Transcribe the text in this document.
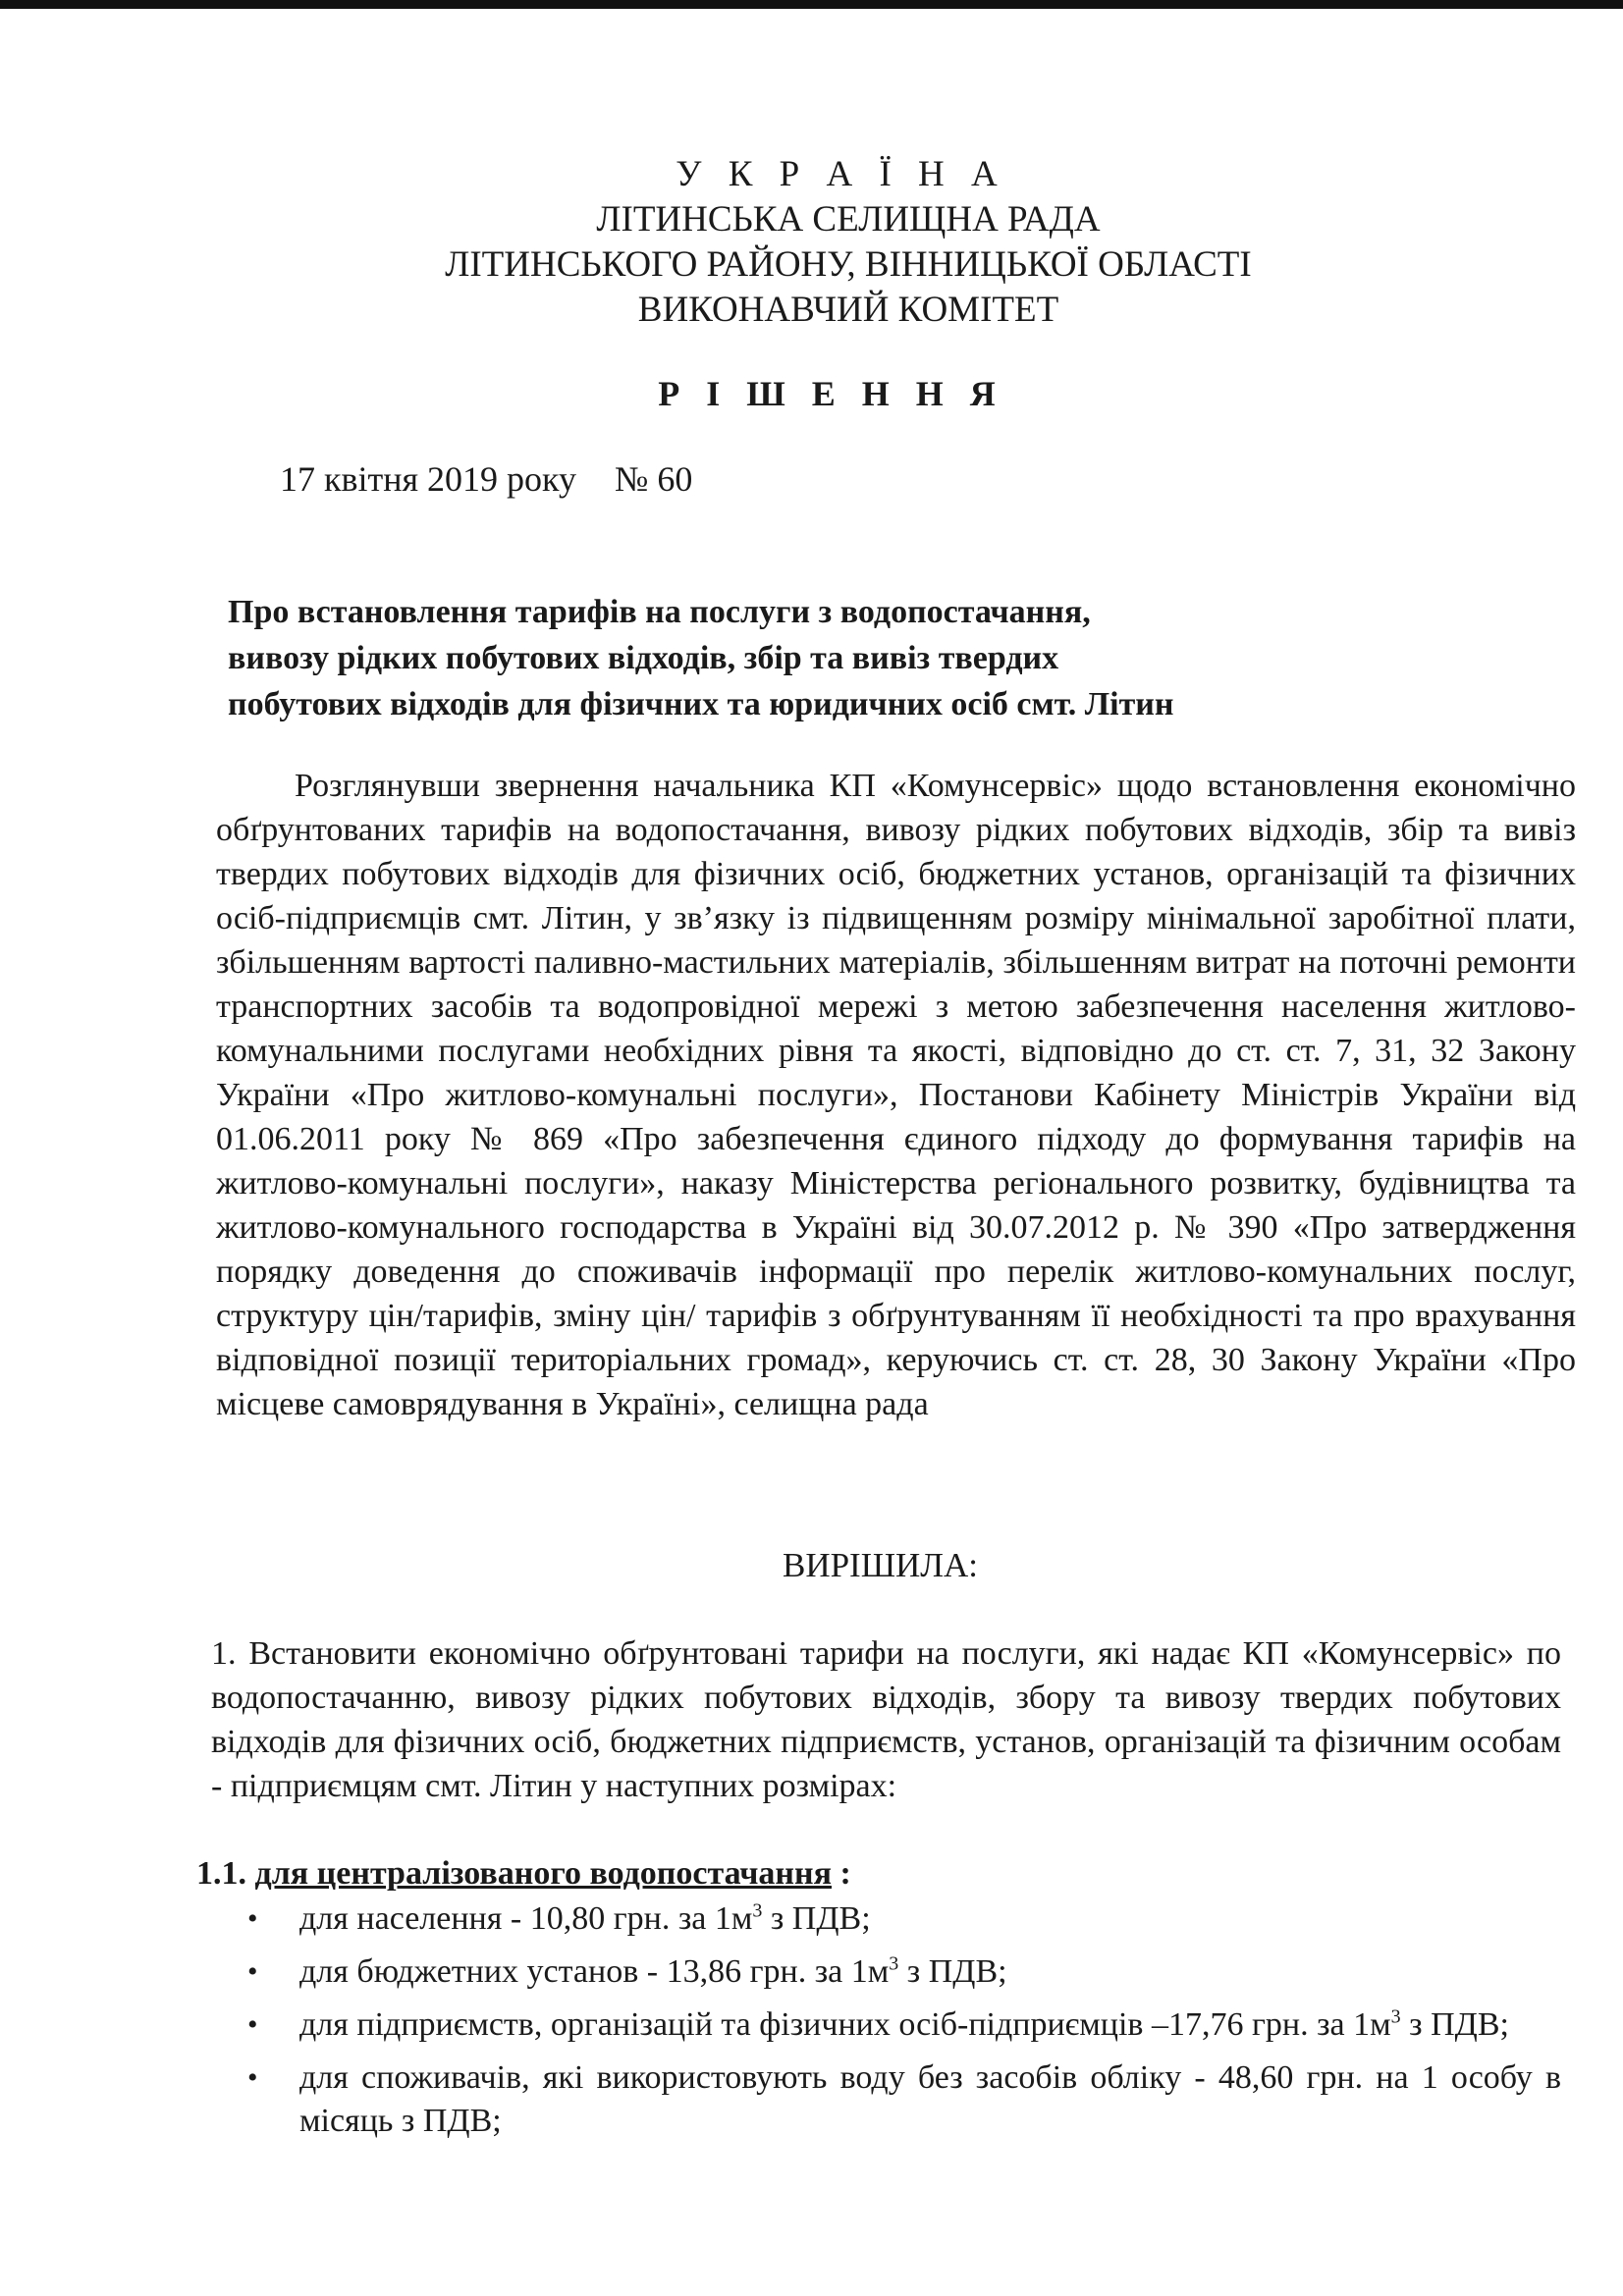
У К Р А Ї Н А

ЛІТИНСЬКА СЕЛИЩНА РАДА

ЛІТИНСЬКОГО РАЙОНУ, ВІННИЦЬКОЇ ОБЛАСТІ

ВИКОНАВЧИЙ КОМІТЕТ

Р І Ш Е Н Н Я
17 квітня 2019 року № 60
Про встановлення тарифів на послуги з водопостачання,
вивозу рідких побутових відходів, збір та вивіз твердих
побутових відходів для фізичних та юридичних осіб смт. Літин
Розглянувши звернення начальника КП «Комунсервіс» щодо встановлення економічно обґрунтованих тарифів на водопостачання, вивозу рідких побутових відходів, збір та вивіз твердих побутових відходів для фізичних осіб, бюджетних установ, організацій та фізичних осіб-підприємців смт. Літин, у зв’язку із підвищенням розміру мінімальної заробітної плати, збільшенням вартості паливно-мастильних матеріалів, збільшенням витрат на поточні ремонти транспортних засобів та водопровідної мережі з метою забезпечення населення житлово-комунальними послугами необхідних рівня та якості, відповідно до ст. ст. 7, 31, 32 Закону України «Про житлово-комунальні послуги», Постанови Кабінету Міністрів України від 01.06.2011 року № 869 «Про забезпечення єдиного підходу до формування тарифів на житлово-комунальні послуги», наказу Міністерства регіонального розвитку, будівництва та житлово-комунального господарства в Україні від 30.07.2012 р. № 390 «Про затвердження порядку доведення до споживачів інформації про перелік житлово-комунальних послуг, структуру цін/тарифів, зміну цін/ тарифів з обґрунтуванням її необхідності та про врахування відповідної позиції територіальних громад», керуючись ст. ст. 28, 30 Закону України «Про місцеве самоврядування в Україні», селищна рада
ВИРІШИЛА:
1. Встановити економічно обґрунтовані тарифи на послуги, які надає КП «Комунсервіс» по водопостачанню, вивозу рідких побутових відходів, збору та вивозу твердих побутових відходів для фізичних осіб, бюджетних підприємств, установ, організацій та фізичним особам - підприємцям смт. Літин у наступних розмірах:
1.1. для централізованого водопостачання :
• для населення - 10,80 грн. за $1м^3$ з ПДВ;
• для бюджетних установ - 13,86 грн. за $1м^3$ з ПДВ;
• для підприємств, організацій та фізичних осіб-підприємців –17,76 грн. за $1м^3$ з ПДВ;
• для споживачів, які використовують воду без засобів обліку - 48,60 грн. на 1 особу в місяць з ПДВ;
